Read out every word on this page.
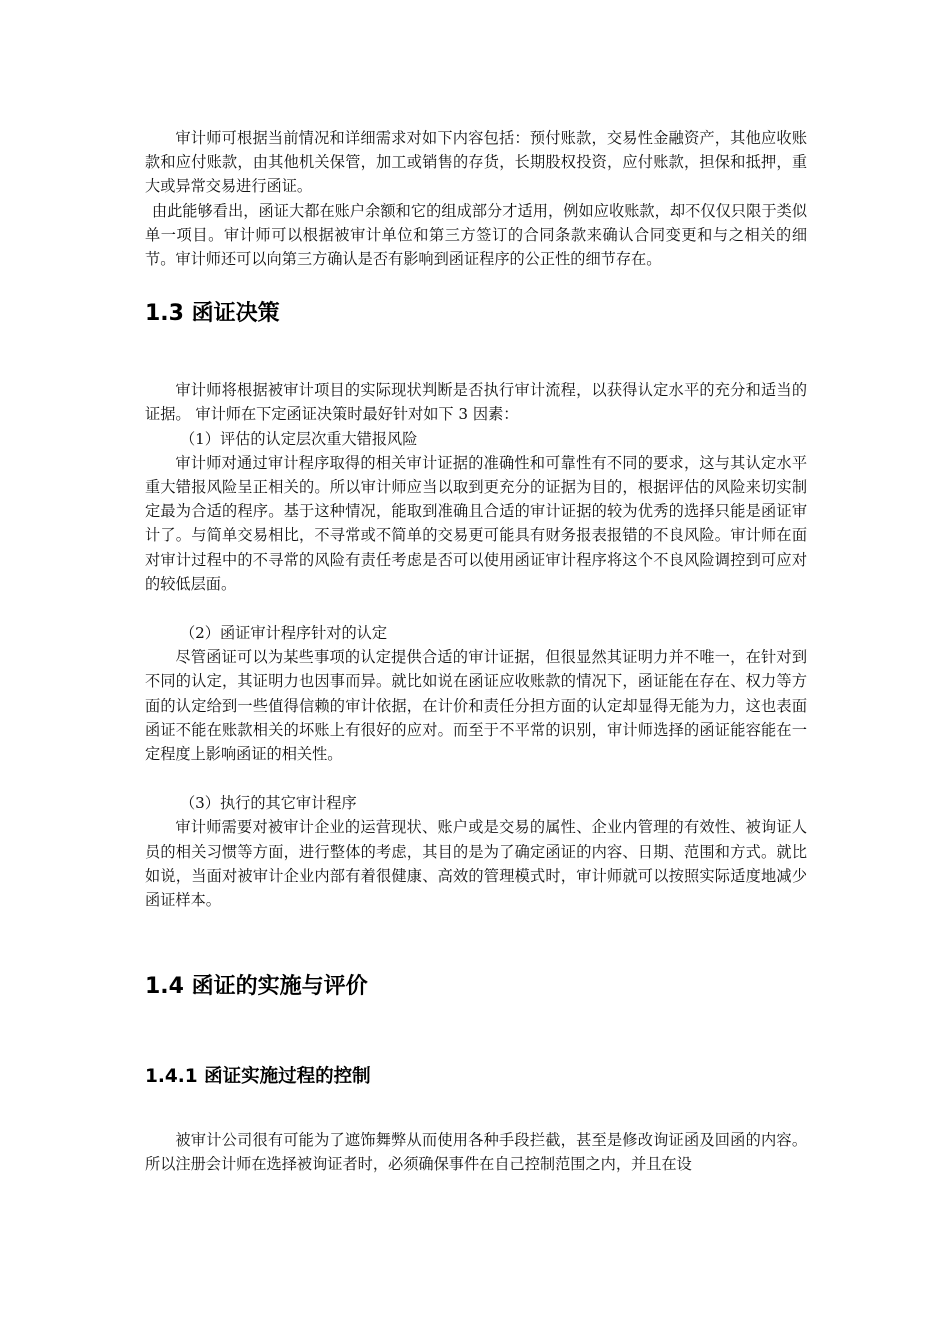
审计师可根据当前情况和详细需求对如下内容包括：预付账款，交易性金融资产，其他应收账款和应付账款，由其他机关保管，加工或销售的存货，长期股权投资，应付账款，担保和抵押，重大或异常交易进行函证。

由此能够看出，函证大都在账户余额和它的组成部分才适用，例如应收账款，却不仅仅只限于类似单一项目。审计师可以根据被审计单位和第三方签订的合同条款来确认合同变更和与之相关的细节。审计师还可以向第三方确认是否有影响到函证程序的公正性的细节存在。

1.3 函证决策

审计师将根据被审计项目的实际现状判断是否执行审计流程，以获得认定水平的充分和适当的证据。 审计师在下定函证决策时最好针对如下 3 因素：

（1）评估的认定层次重大错报风险

审计师对通过审计程序取得的相关审计证据的准确性和可靠性有不同的要求，这与其认定水平重大错报风险呈正相关的。所以审计师应当以取到更充分的证据为目的，根据评估的风险来切实制定最为合适的程序。基于这种情况，能取到准确且合适的审计证据的较为优秀的选择只能是函证审计了。与简单交易相比，不寻常或不简单的交易更可能具有财务报表报错的不良风险。审计师在面对审计过程中的不寻常的风险有责任考虑是否可以使用函证审计程序将这个不良风险调控到可应对的较低层面。

（2）函证审计程序针对的认定

尽管函证可以为某些事项的认定提供合适的审计证据，但很显然其证明力并不唯一，在针对到不同的认定，其证明力也因事而异。就比如说在函证应收账款的情况下，函证能在存在、权力等方面的认定给到一些值得信赖的审计依据，在计价和责任分担方面的认定却显得无能为力，这也表面函证不能在账款相关的坏账上有很好的应对。而至于不平常的识别，审计师选择的函证能容能在一定程度上影响函证的相关性。

（3）执行的其它审计程序

审计师需要对被审计企业的运营现状、账户或是交易的属性、企业内管理的有效性、被询证人员的相关习惯等方面，进行整体的考虑，其目的是为了确定函证的内容、日期、范围和方式。就比如说，当面对被审计企业内部有着很健康、高效的管理模式时，审计师就可以按照实际适度地减少函证样本。

1.4 函证的实施与评价
1.4.1 函证实施过程的控制

被审计公司很有可能为了遮饰舞弊从而使用各种手段拦截，甚至是修改询证函及回函的内容。所以注册会计师在选择被询证者时，必须确保事件在自己控制范围之内，并且在设
